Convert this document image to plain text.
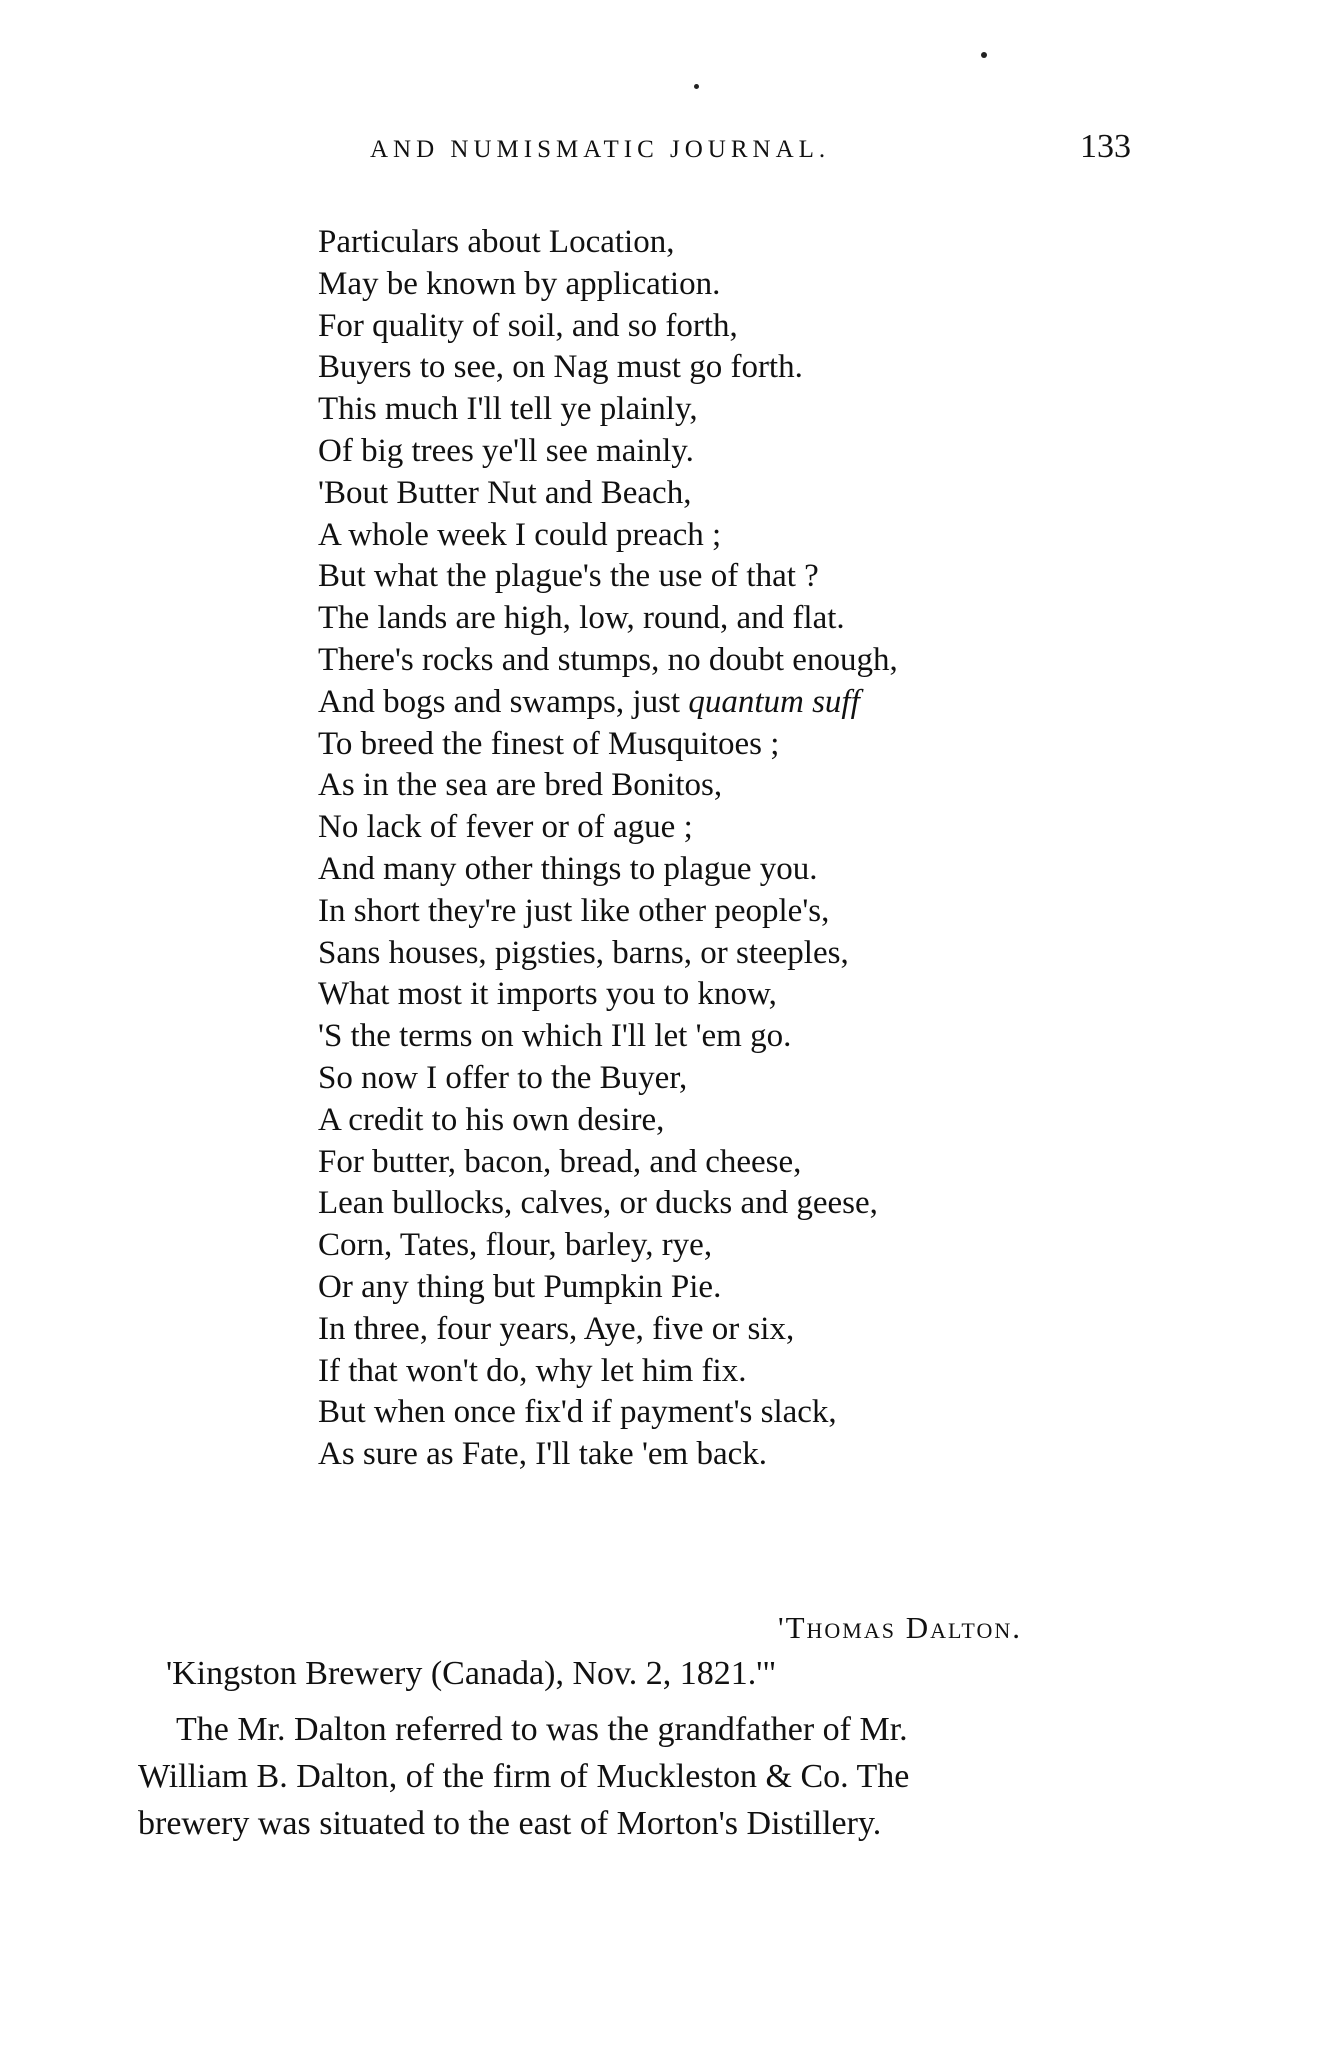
AND NUMISMATIC JOURNAL.	133
Particulars about Location,
May be known by application.
For quality of soil, and so forth,
Buyers to see, on Nag must go forth.
This much I'll tell ye plainly,
Of big trees ye'll see mainly.
'Bout Butter Nut and Beach,
A whole week I could preach ;
But what the plague's the use of that ?
The lands are high, low, round, and flat.
There's rocks and stumps, no doubt enough,
And bogs and swamps, just quantum suff
To breed the finest of Musquitoes ;
As in the sea are bred Bonitos,
No lack of fever or of ague ;
And many other things to plague you.
In short they're just like other people's,
Sans houses, pigsties, barns, or steeples,
What most it imports you to know,
'S the terms on which I'll let 'em go.
So now I offer to the Buyer,
A credit to his own desire,
For butter, bacon, bread, and cheese,
Lean bullocks, calves, or ducks and geese,
Corn, Tates, flour, barley, rye,
Or any thing but Pumpkin Pie.
In three, four years, Aye, five or six,
If that won't do, why let him fix.
But when once fix'd if payment's slack,
As sure as Fate, I'll take 'em back.
'Thomas Dalton.
'Kingston Brewery (Canada), Nov. 2, 1821.'"
The Mr. Dalton referred to was the grandfather of Mr.
William B. Dalton, of the firm of Muckleston & Co. The
brewery was situated to the east of Morton's Distillery.
